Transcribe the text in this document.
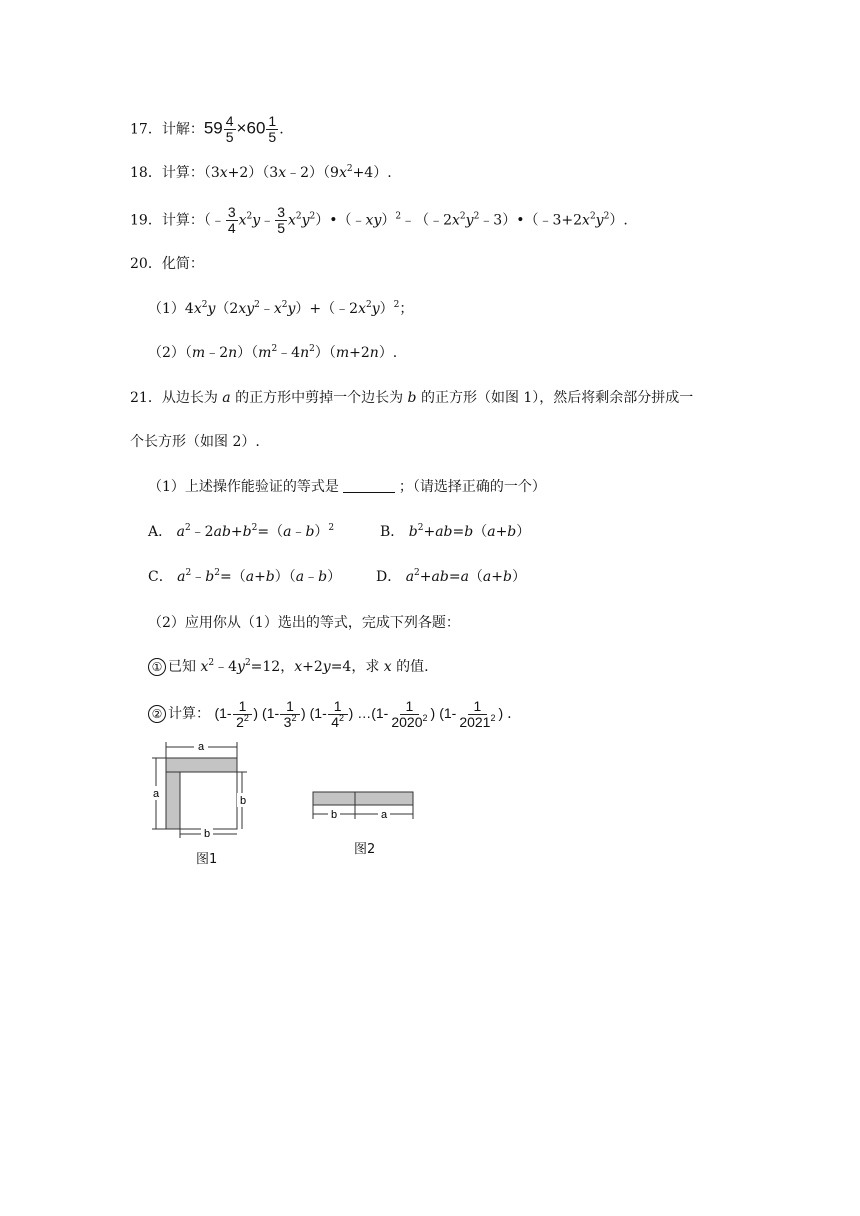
17．计解：$59 \frac{4}{5} \times 60 \frac{1}{5}$ .
18．计算：$(3x+2)(3x﹣2)(9x^2+4)$.
19．计算：（﹣ $\frac{3}{4}$ $x^2y﹣ \frac{3}{5}$ $x^2y^2)•(﹣xy)^2﹣(﹣2x^2y^2﹣3)•(﹣3+2x^2y^2)$.
20．化简：
$(1)4x^2y(2xy^2﹣x^2y)+(﹣2x^2y)^2$；
$(2)(m﹣2n)(m^2﹣4n^2)(m+2n)$.
21．从边长为 a 的正方形中剪掉一个边长为 b 的正方形（如图 1），然后将剩余部分拼成一
个长方形（如图 2）.
（1）上述操作能验证的等式是	；（请选择正确的一个）
A． $a^2﹣2ab+b^2=(a﹣b)^2$	B． $b^2+ab=b(a+b)$
C． $a^2﹣b^2=(a+b)(a﹣b)$ D． $a^2+ab=a(a+b)$
（2）应用你从（1）选出的等式，完成下列各题：
① 已知 $x^2﹣4y^2=12$，x+2y=4，求 x 的值.
② 计算： ($1- \frac{1}{2^2}$ ) ($1- \frac{1}{3^2}$ ) ($1- \frac{1}{4^2}$ ) …(1- $\frac{1}{2020^2}$ ) ($1- \frac{1}{2021^2}$ ) .
a
a
b
b
图1
b	a
图2
